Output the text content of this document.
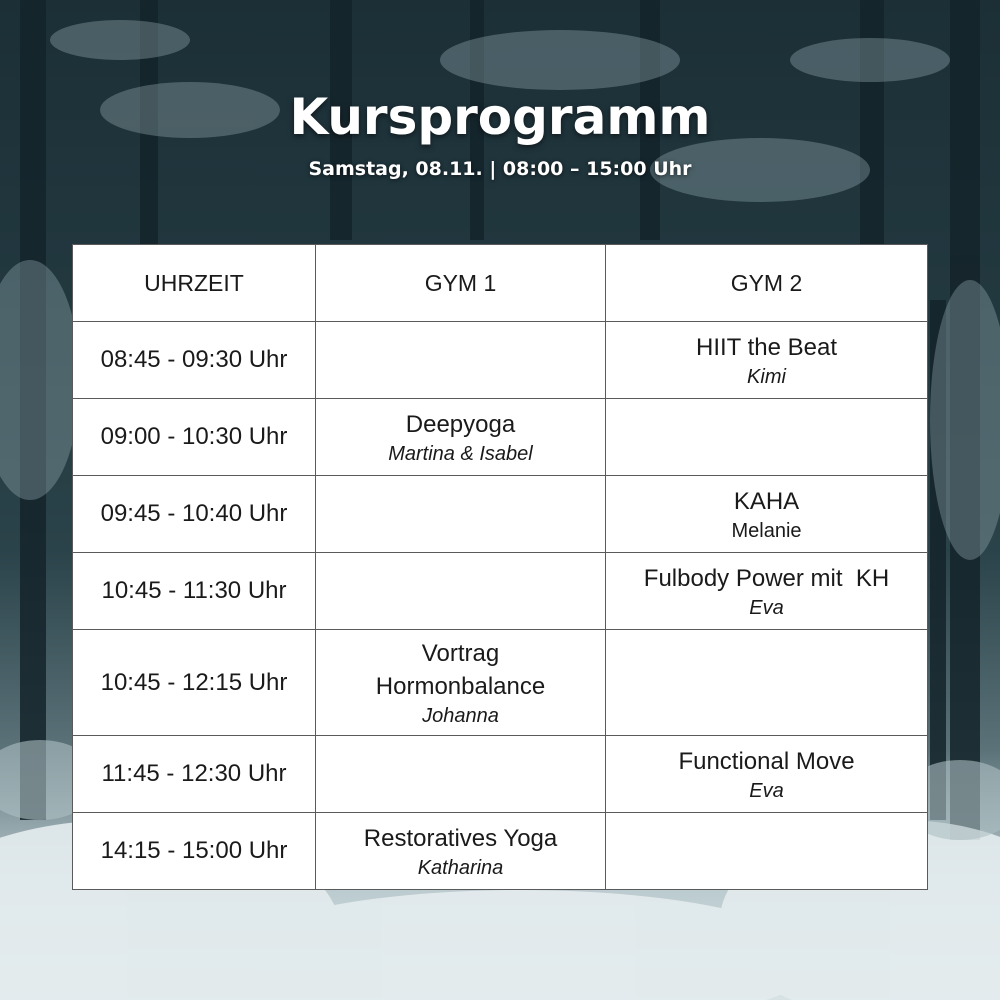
Kursprogramm
Samstag, 08.11. | 08:00 – 15:00 Uhr
UHRZEIT	GYM 1	GYM 2
08:45 - 09:30 Uhr		HIIT the Beat
Kimi

09:00 - 10:30 Uhr	Deepyoga
Martina & Isabel	

09:45 - 10:40 Uhr		KAHA
Melanie

10:45 - 11:30 Uhr		Fulbody Power mit  KH
Eva

10:45 - 12:15 Uhr	Vortrag Hormonbalance
Johanna	

11:45 - 12:30 Uhr		Functional Move
Eva

14:15 - 15:00 Uhr	Restoratives Yoga
Katharina	
